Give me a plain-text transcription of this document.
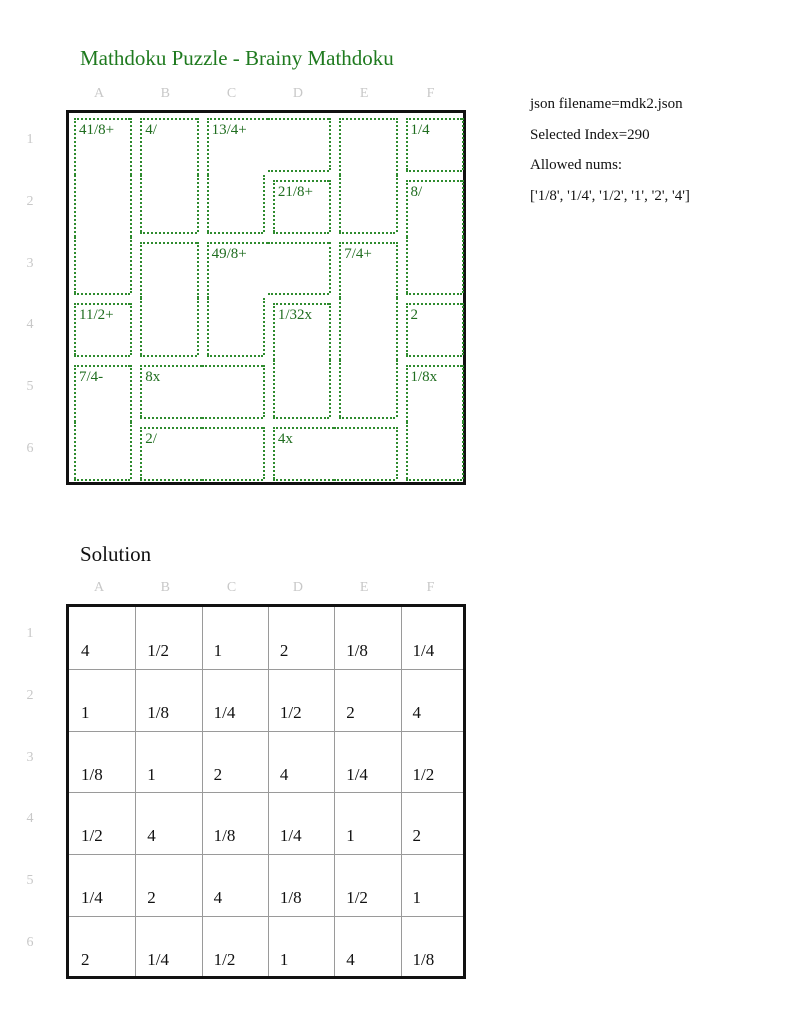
Mathdoku Puzzle - Brainy Mathdoku
json filename=mdk2.json
Selected Index=290
Allowed nums:
['1/8', '1/4', '1/2', '1', '2', '4']
A	B	C	D	E	F
1
2
3
4
5
6
41/8+ 4/	13/4+	1/4
21/8+	8/
49/8+	7/4+
11/2+	1/32x	2
7/4-	8x	1/8x
2/	4x
Solution
A	B	C	D	E	F
1
2
3
4
5
6
4	1/2	1	2	1/8	1/4
1	1/8	1/4	1/2	2	4
1/8	1	2	4	1/4	1/2
1/2	4	1/8	1/4	1	2
1/4	2	4	1/8	1/2	1
2	1/4	1/2	1	4	1/8
